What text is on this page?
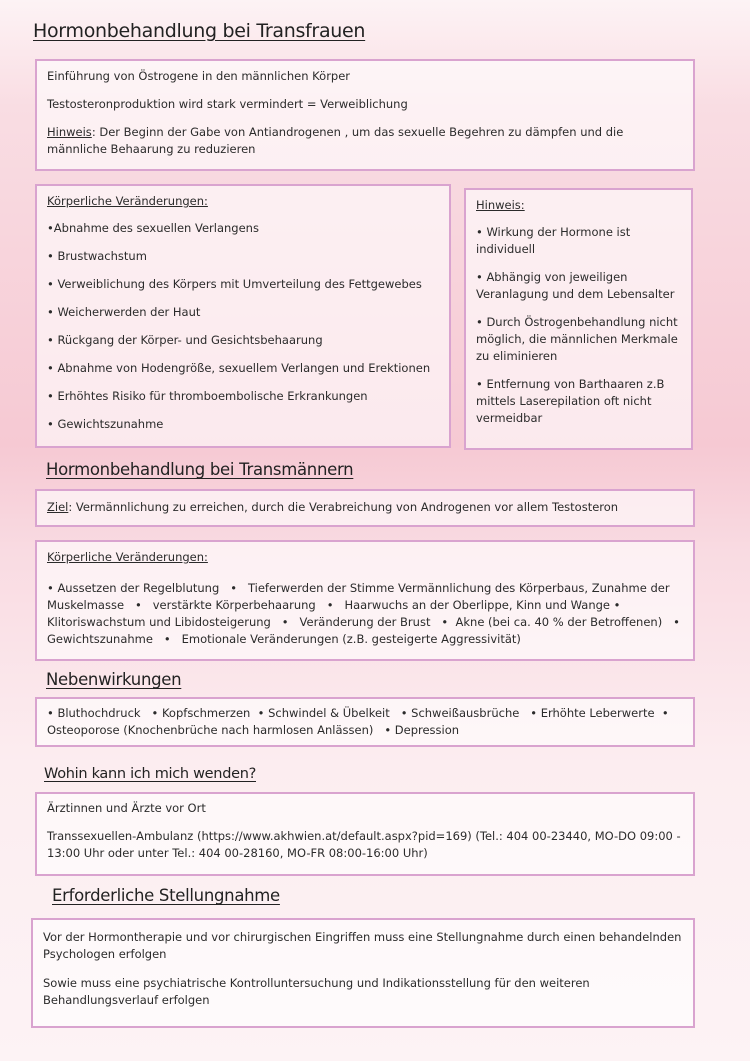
Hormonbehandlung bei Transfrauen

Einführung von Östrogene in den männlichen Körper

Testosteronproduktion wird stark vermindert = Verweiblichung

Hinweis: Der Beginn der Gabe von Antiandrogenen , um das sexuelle Begehren zu dämpfen und die männliche Behaarung zu reduzieren

Körperliche Veränderungen:

•Abnahme des sexuellen Verlangens
• Brustwachstum
• Verweiblichung des Körpers mit Umverteilung des Fettgewebes
• Weicherwerden der Haut
• Rückgang der Körper- und Gesichtsbehaarung
• Abnahme von Hodengröße, sexuellem Verlangen und Erektionen
• Erhöhtes Risiko für thromboembolische Erkrankungen
• Gewichtszunahme

Hinweis:

• Wirkung der Hormone ist individuell
• Abhängig von jeweiligen Veranlagung und dem Lebensalter
• Durch Östrogenbehandlung nicht möglich, die männlichen Merkmale zu eliminieren
• Entfernung von Barthaaren z.B mittels Laserepilation oft nicht vermeidbar
Hormonbehandlung bei Transmännern

Ziel: Vermännlichung zu erreichen, durch die Verabreichung von Androgenen vor allem Testosteron

Körperliche Veränderungen:

• Aussetzen der Regelblutung   •   Tieferwerden der Stimme Vermännlichung des Körperbaus, Zunahme der Muskelmasse   •   verstärkte Körperbehaarung   •   Haarwuchs an der Oberlippe, Kinn und Wange •   Klitoriswachstum und Libidosteigerung   •   Veränderung der Brust   •  Akne (bei ca. 40 % der Betroffenen)   •   Gewichtszunahme   •   Emotionale Veränderungen (z.B. gesteigerte Aggressivität)

Nebenwirkungen

• Bluthochdruck   • Kopfschmerzen  • Schwindel & Übelkeit   • Schweißausbrüche   • Erhöhte Leberwerte  •  Osteoporose (Knochenbrüche nach harmlosen Anlässen)   • Depression

Wohin kann ich mich wenden?

Ärztinnen und Ärzte vor Ort

Transsexuellen-Ambulanz (https://www.akhwien.at/default.aspx?pid=169) (Tel.: 404 00-23440, MO-DO 09:00 - 13:00 Uhr oder unter Tel.: 404 00-28160, MO-FR 08:00-16:00 Uhr)

Erforderliche Stellungnahme

Vor der Hormontherapie und vor chirurgischen Eingriffen muss eine Stellungnahme durch einen behandelnden Psychologen erfolgen

Sowie muss eine psychiatrische Kontrolluntersuchung und Indikationsstellung für den weiteren Behandlungsverlauf erfolgen
